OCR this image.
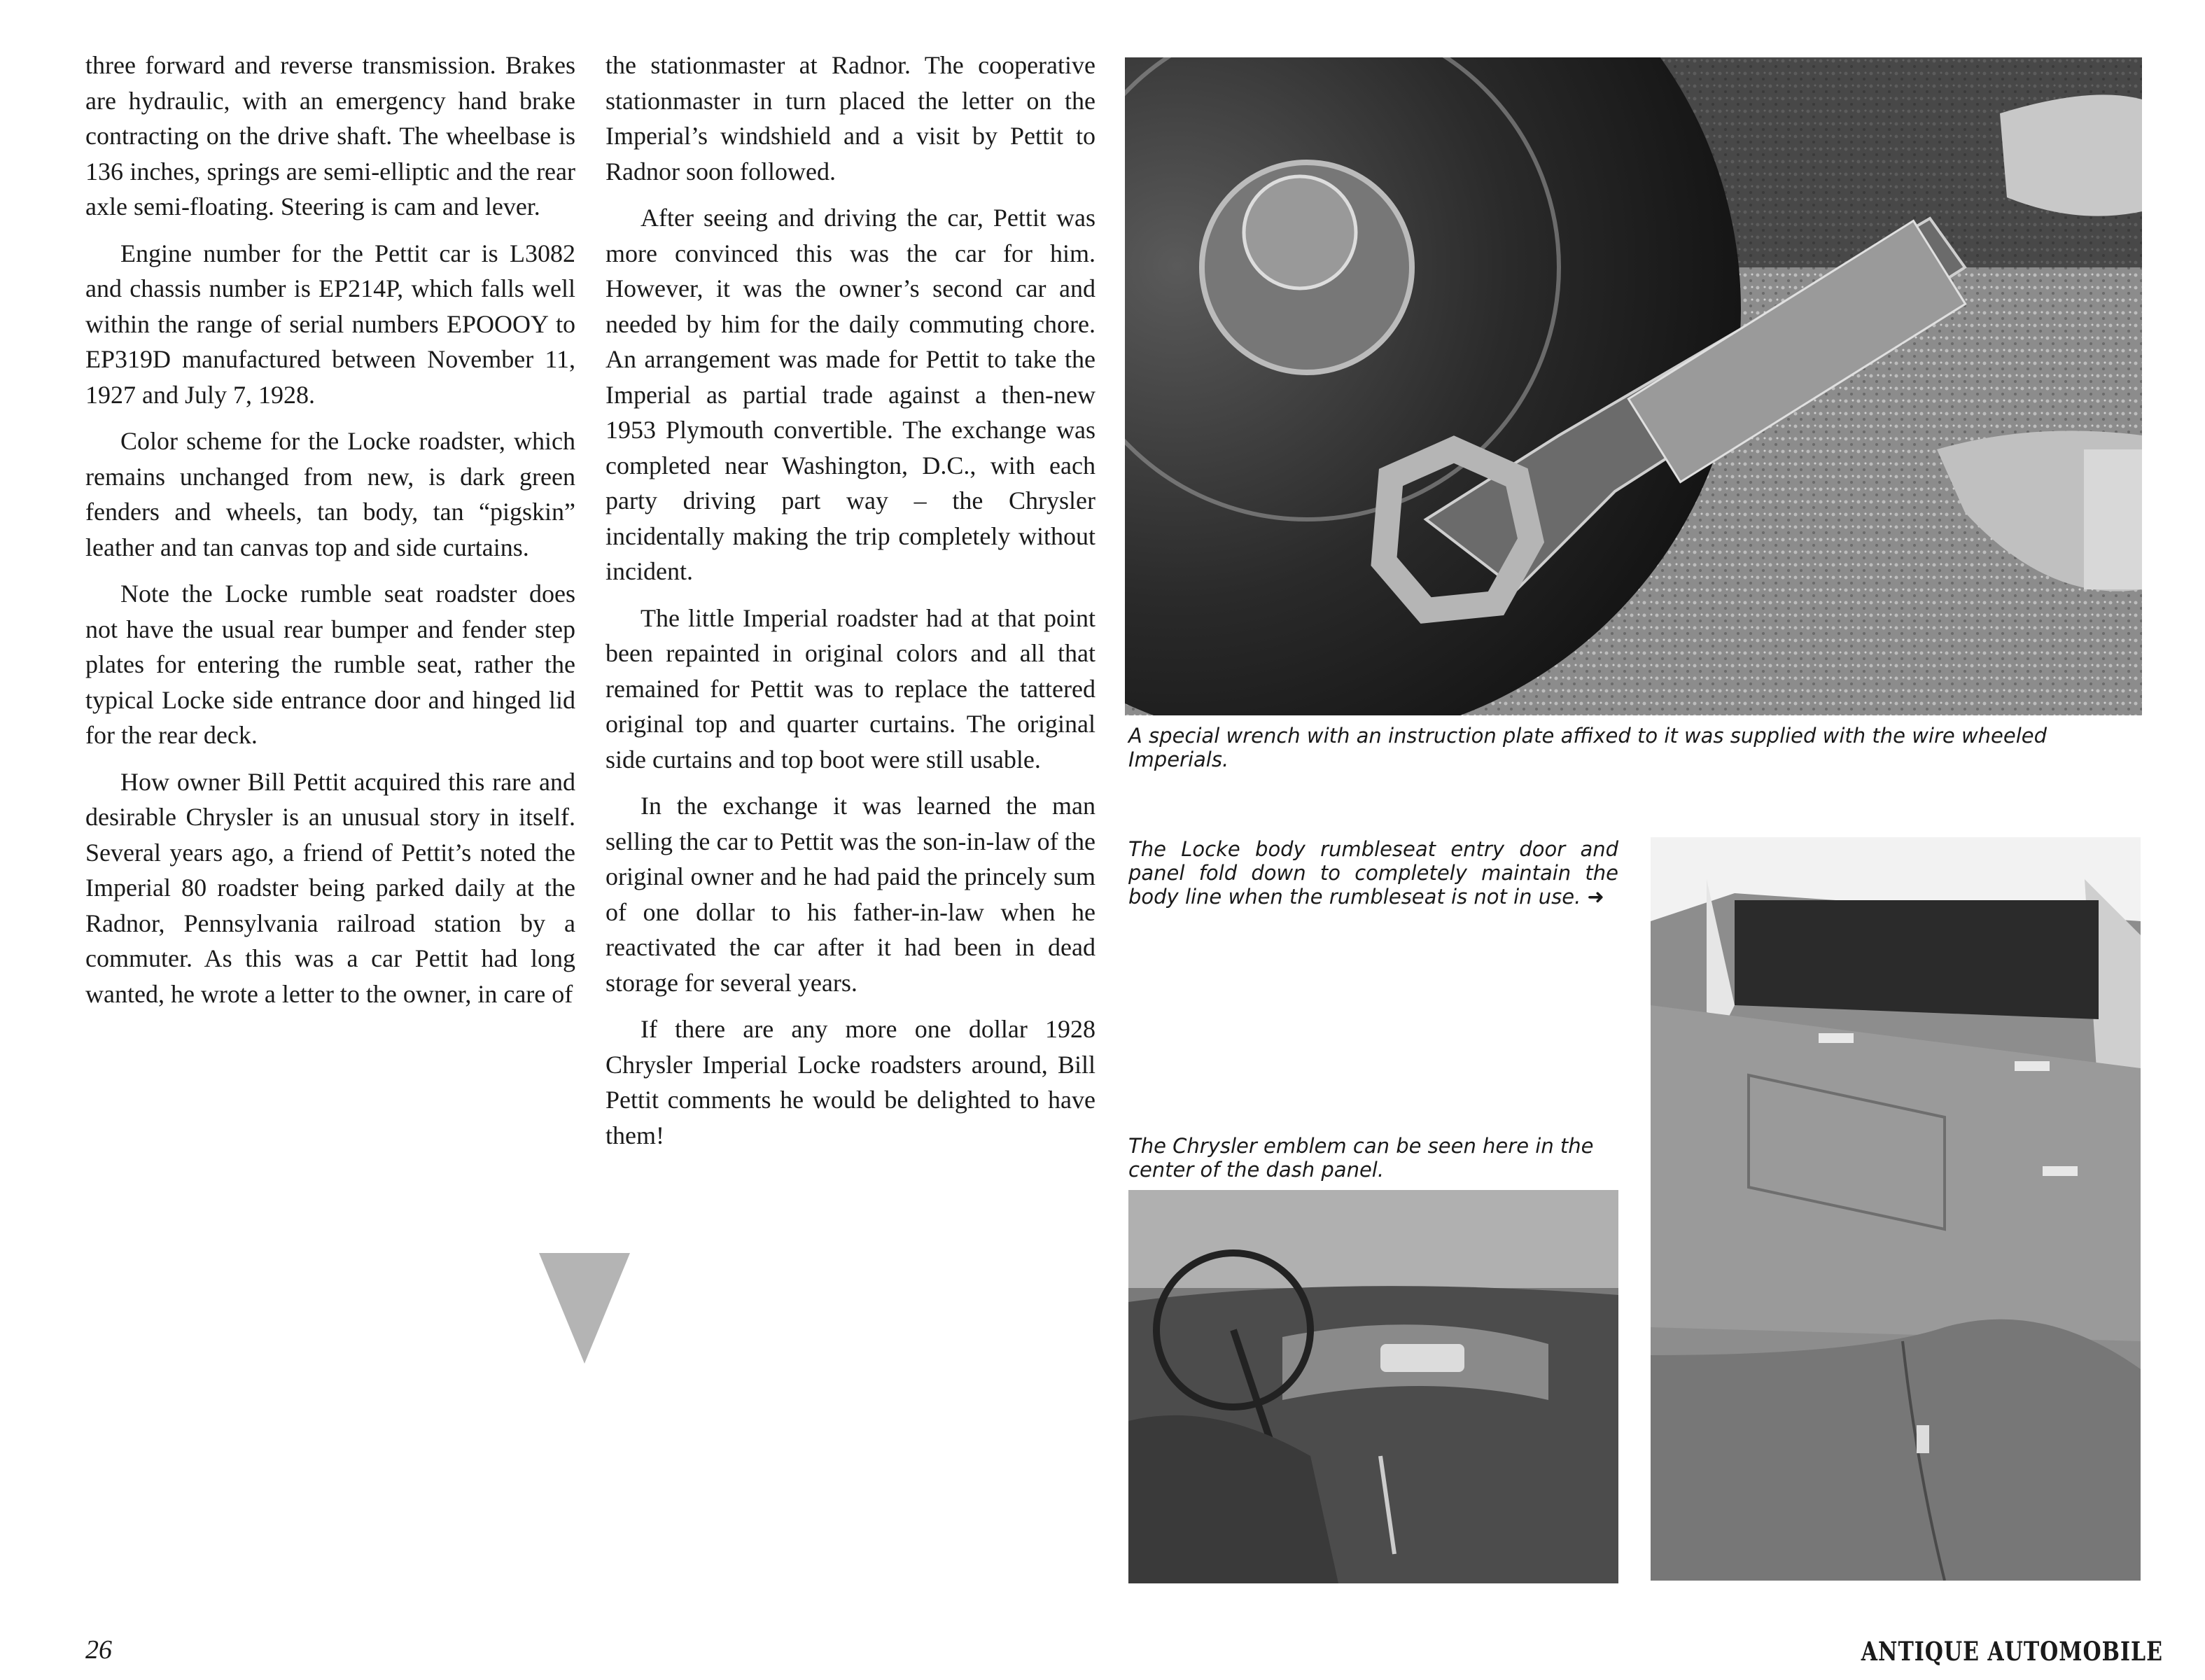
three forward and reverse transmission. Brakes are hydraulic, with an emergency hand brake contracting on the drive shaft. The wheelbase is 136 inches, springs are semi-elliptic and the rear axle semi-floating. Steering is cam and lever.

Engine number for the Pettit car is L3082 and chassis number is EP214P, which falls well within the range of serial numbers EPOOOY to EP319D manufactured between November 11, 1927 and July 7, 1928.

Color scheme for the Locke roadster, which remains unchanged from new, is dark green fenders and wheels, tan body, tan “pigskin” leather and tan canvas top and side curtains.

Note the Locke rumble seat roadster does not have the usual rear bumper and fender step plates for entering the rumble seat, rather the typical Locke side entrance door and hinged lid for the rear deck.

How owner Bill Pettit acquired this rare and desirable Chrysler is an unusual story in itself. Several years ago, a friend of Pettit’s noted the Imperial 80 roadster being parked daily at the Radnor, Pennsylvania railroad station by a commuter. As this was a car Pettit had long wanted, he wrote a letter to the owner, in care of

the stationmaster at Radnor. The cooperative stationmaster in turn placed the letter on the Imperial’s windshield and a visit by Pettit to Radnor soon followed.

After seeing and driving the car, Pettit was more convinced this was the car for him. However, it was the owner’s second car and needed by him for the daily commuting chore. An arrangement was made for Pettit to take the Imperial as partial trade against a then-new 1953 Plymouth convertible. The exchange was completed near Washington, D.C., with each party driving part way – the Chrysler incidentally making the trip completely without incident.

The little Imperial roadster had at that point been repainted in original colors and all that remained for Pettit was to replace the tattered original top and quarter curtains. The original side curtains and top boot were still usable.

In the exchange it was learned the man selling the car to Pettit was the son-in-law of the original owner and he had paid the princely sum of one dollar to his father-in-law when he reactivated the car after it had been in dead storage for several years.

If there are any more one dollar 1928 Chrysler Imperial Locke roadsters around, Bill Pettit comments he would be delighted to have them!

A special wrench with an instruction plate affixed to it was supplied with the wire wheeled Imperials.
The Locke body rumbleseat entry door and panel fold down to completely maintain the body line when the rumbleseat is not in use. ➜
The Chrysler emblem can be seen here in the center of the dash panel.
26	ANTIQUE AUTOMOBILE
